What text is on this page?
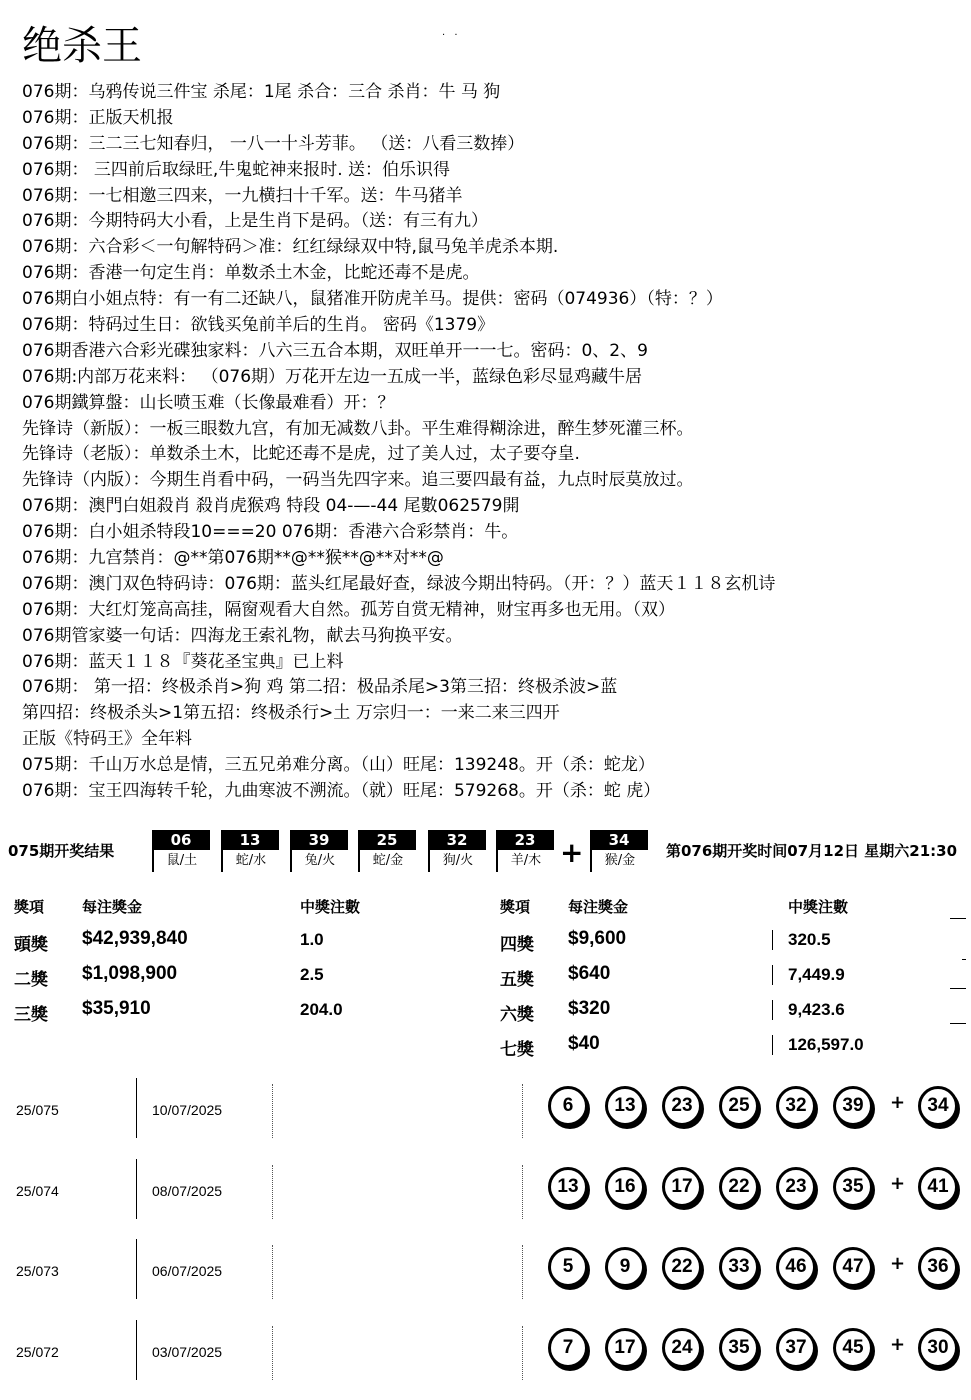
绝杀王	· ·
076期：乌鸦传说三件宝 杀尾：1尾 杀合：三合 杀肖：牛 马 狗
076期：正版天机报
076期：三二三七知春归， 一八一十斗芳菲。 （送：八看三数捧）
076期： 三四前后取绿旺,牛鬼蛇神来报时. 送：伯乐识得
076期：一七相邀三四来，一九横扫十千军。送：牛马猪羊
076期：今期特码大小看，上是生肖下是码。（送：有三有九）
076期：六合彩＜一句解特码＞准：红红绿绿双中特,鼠马兔羊虎杀本期.
076期：香港一句定生肖：单数杀土木金，比蛇还毒不是虎。
076期白小姐点特：有一有二还缺八，鼠猪准开防虎羊马。提供：密码（074936）（特：？）
076期：特码过生日：欲钱买兔前羊后的生肖。 密码《1379》
076期香港六合彩光碟独家料：八六三五合本期，双旺单开一一七。密码：0、2、9
076期:内部万花来料： （076期）万花开左边一五成一半，蓝绿色彩尽显鸡藏牛居
076期鐵算盤：山长喷玉难（长像最难看）开：？
先锋诗（新版）：一板三眼数九宫，有加无减数八卦。平生难得糊涂进，醉生梦死灌三杯。
先锋诗（老版）：单数杀土木，比蛇还毒不是虎，过了美人过，太子要夺皇.
先锋诗（内版）：今期生肖看中码，一码当先四字来。追三要四最有益，九点时辰莫放过。
076期：澳門白姐殺肖 殺肖虎猴鸡 特段 04-—-44 尾數062579開
076期：白小姐杀特段10===20 076期：香港六合彩禁肖：牛。
076期：九宫禁肖：@**第076期**@**猴**@**对**@
076期：澳门双色特码诗：076期：蓝头红尾最好查，绿波今期出特码。（开：？）蓝天１１８玄机诗
076期：大红灯笼高高挂，隔窗观看大自然。孤芳自赏无精神，财宝再多也无用。（双）
076期管家婆一句话：四海龙王索礼物，献去马狗换平安。
076期：蓝天１１８『葵花圣宝典』已上料
076期： 第一招：终极杀肖>狗 鸡 第二招：极品杀尾>3第三招：终极杀波>蓝
第四招：终极杀头>1第五招：终极杀行>土 万宗归一：一来二来三四开
正版《特码王》全年料
075期：千山万水总是情，三五兄弟难分离。（山）旺尾：139248。开（杀：蛇龙）
076期：宝王四海转千轮，九曲寒波不溯流。（就）旺尾：579268。开（杀：蛇 虎）
075期开奖结果
06
鼠/土
13
蛇/水
39
兔/火
25
蛇/金
32
狗/火
23
羊/木
34
猴/金
+	第076期开奖时间07月12日 星期六21:30
獎項	獎項
每注獎金	每注獎金
中獎注數	中獎注數
頭獎 $42,939,840	1.0
二獎 $1,098,900	2.5
三獎 $35,910	204.0
四獎 $9,600	320.5
五獎 $640	7,449.9
六獎 $320	9,423.6
七獎 $40	126,597.0
25/075	10/07/2025	6	13	23	25	32	39	+	34
25/074	08/07/2025	13	16	17	22	23	35	+	41
25/073	06/07/2025	5	9	22	33	46	47	+	36
25/072	03/07/2025	7	17	24	35	37	45	+	30
